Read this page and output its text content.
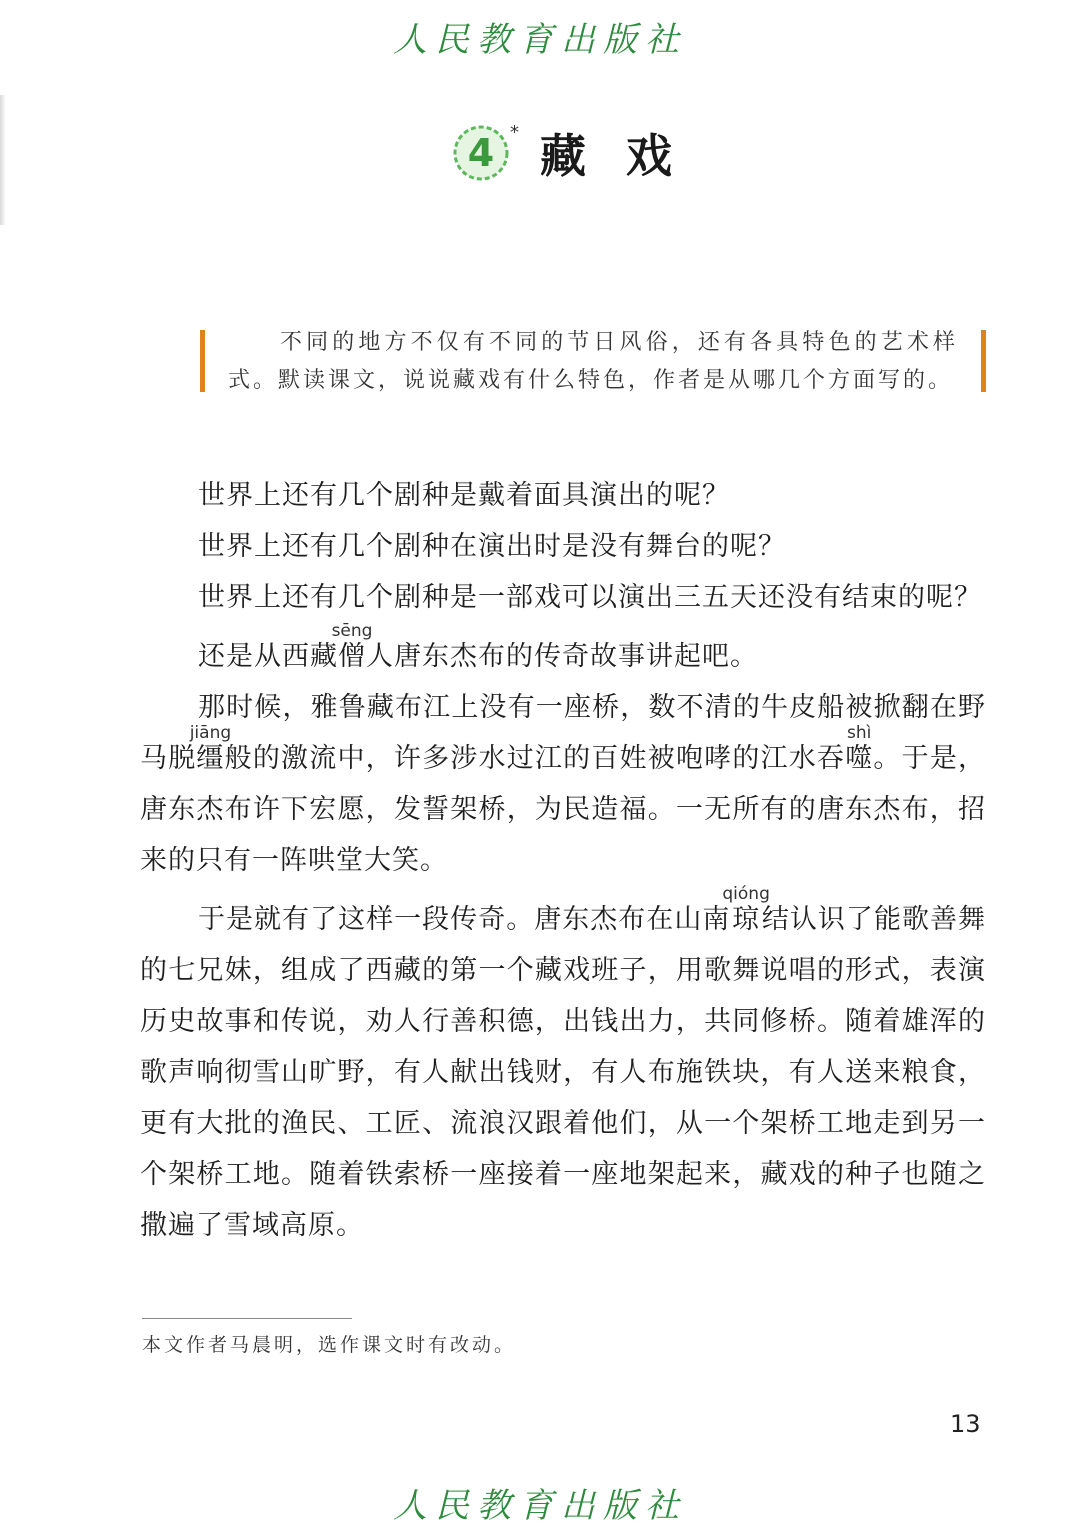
人民教育出版社
4 * 藏戏
不同的地方不仅有不同的节日风俗，还有各具特色的艺术样式。默读课文，说说藏戏有什么特色，作者是从哪几个方面写的。

世界上还有几个剧种是戴着面具演出的呢？

世界上还有几个剧种在演出时是没有舞台的呢？

世界上还有几个剧种是一部戏可以演出三五天还没有结束的呢？

还是从西藏僧sēng人唐东杰布的传奇故事讲起吧。

那时候，雅鲁藏布江上没有一座桥，数不清的牛皮船被掀翻在野马脱缰jiāng般的激流中，许多涉水过江的百姓被咆哮的江水吞噬shì。于是，唐东杰布许下宏愿，发誓架桥，为民造福。一无所有的唐东杰布，招来的只有一阵哄堂大笑。

于是就有了这样一段传奇。唐东杰布在山南琼qióng结认识了能歌善舞的七兄妹，组成了西藏的第一个藏戏班子，用歌舞说唱的形式，表演历史故事和传说，劝人行善积德，出钱出力，共同修桥。随着雄浑的歌声响彻雪山旷野，有人献出钱财，有人布施铁块，有人送来粮食，更有大批的渔民、工匠、流浪汉跟着他们，从一个架桥工地走到另一个架桥工地。随着铁索桥一座接着一座地架起来，藏戏的种子也随之撒遍了雪域高原。

本文作者马晨明，选作课文时有改动。
13
人民教育出版社
